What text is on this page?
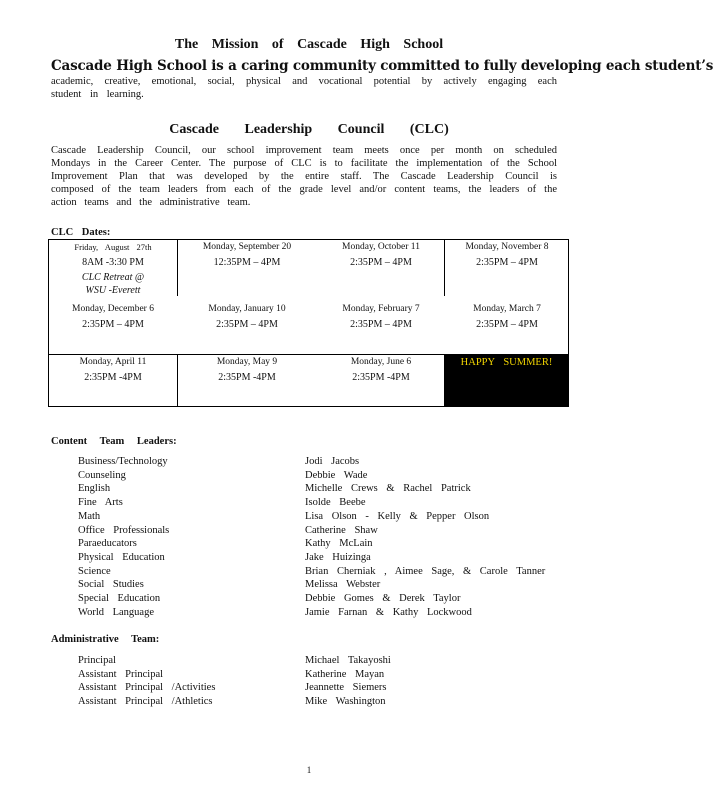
The Mission of Cascade High School
Cascade High School is a caring community committed to fully developing each student’s
academic, creative, emotional, social, physical and vocational potential by actively engaging each student in learning.
Cascade Leadership Council (CLC)

Cascade Leadership Council, our school improvement team meets once per month on scheduled Mondays in the Career Center. The purpose of CLC is to facilitate the implementation of the School Improvement Plan that was developed by the entire staff. The Cascade Leadership Council is composed of the team leaders from each of the grade level and/or content teams, the leaders of the action teams and the administrative team.

CLC Dates:
Friday, August 27th
8AM -3:30 PM
CLC Retreat @
WSU -Everett
Monday, September 20
12:35PM – 4PM
Monday, October 11
2:35PM – 4PM
Monday, November 8
2:35PM – 4PM
Monday, December 6
2:35PM – 4PM
Monday, January 10
2:35PM – 4PM
Monday, February 7
2:35PM – 4PM
Monday, March 7
2:35PM – 4PM
Monday, April 11
2:35PM -4PM
Monday, May 9
2:35PM -4PM
Monday, June 6
2:35PM -4PM
HAPPY SUMMER!
Content Team Leaders:
Business/Technology
Counseling
English
Fine Arts
Math
Office Professionals
Paraeducators
Physical Education
Science
Social Studies
Special Education
World Language
Jodi Jacobs
Debbie Wade
Michelle Crews & Rachel Patrick
Isolde Beebe
Lisa Olson - Kelly & Pepper Olson
Catherine Shaw
Kathy McLain
Jake Huizinga
Brian Cherniak , Aimee Sage, & Carole Tanner
Melissa Webster
Debbie Gomes & Derek Taylor
Jamie Farnan & Kathy Lockwood
Administrative Team:
Principal
Assistant Principal
Assistant Principal /Activities
Assistant Principal /Athletics
Michael Takayoshi
Katherine Mayan
Jeannette Siemers
Mike Washington
1
